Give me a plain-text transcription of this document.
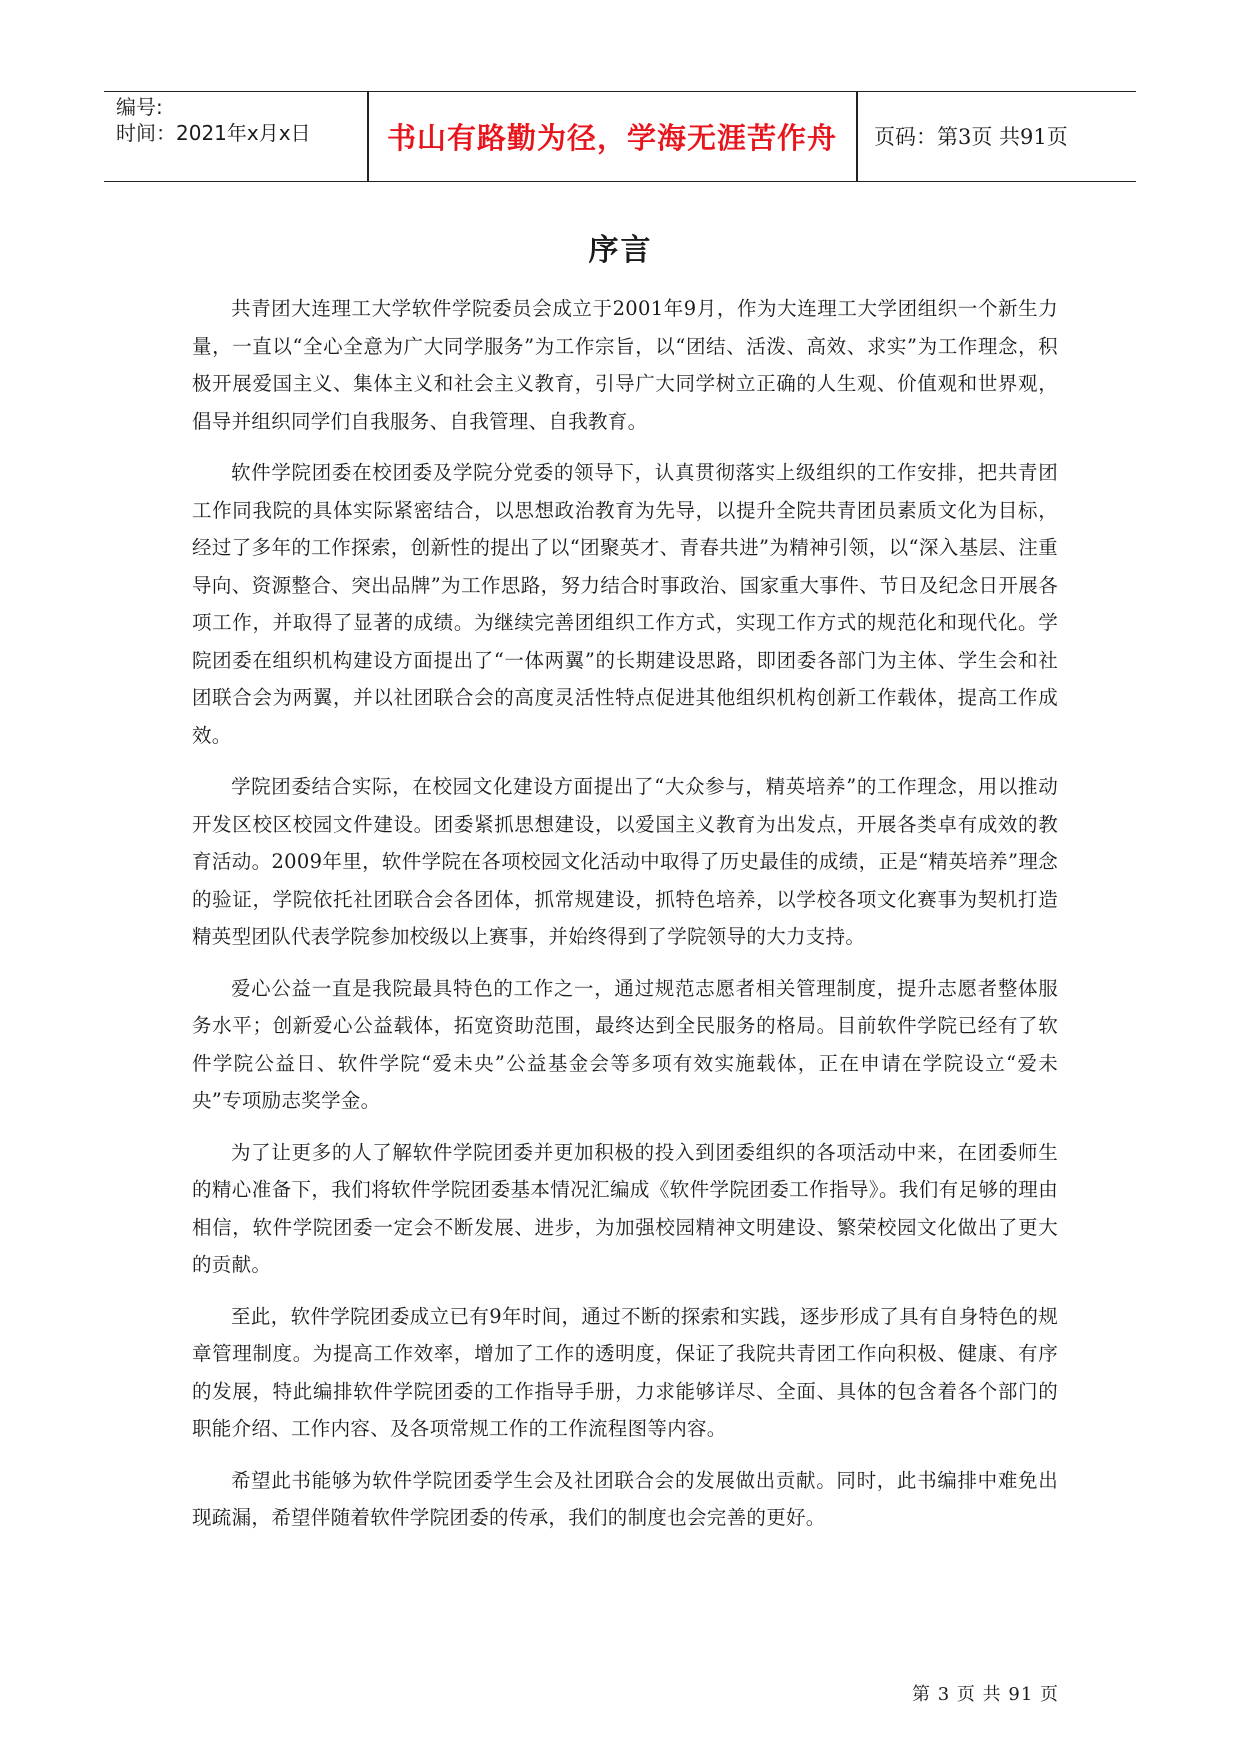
编号:
时间：2021年x月x日	书山有路勤为径，学海无涯苦作舟	页码：第3页 共91页
序言

共青团大连理工大学软件学院委员会成立于2001年9月，作为大连理工大学团组织一个新生力量，一直以“全心全意为广大同学服务”为工作宗旨，以“团结、活泼、高效、求实”为工作理念，积极开展爱国主义、集体主义和社会主义教育，引导广大同学树立正确的人生观、价值观和世界观，倡导并组织同学们自我服务、自我管理、自我教育。

软件学院团委在校团委及学院分党委的领导下，认真贯彻落实上级组织的工作安排，把共青团工作同我院的具体实际紧密结合，以思想政治教育为先导，以提升全院共青团员素质文化为目标，经过了多年的工作探索，创新性的提出了以“团聚英才、青春共进”为精神引领，以“深入基层、注重导向、资源整合、突出品牌”为工作思路，努力结合时事政治、国家重大事件、节日及纪念日开展各项工作，并取得了显著的成绩。为继续完善团组织工作方式，实现工作方式的规范化和现代化。学院团委在组织机构建设方面提出了“一体两翼”的长期建设思路，即团委各部门为主体、学生会和社团联合会为两翼，并以社团联合会的高度灵活性特点促进其他组织机构创新工作载体，提高工作成效。

学院团委结合实际，在校园文化建设方面提出了“大众参与，精英培养”的工作理念，用以推动开发区校区校园文件建设。团委紧抓思想建设，以爱国主义教育为出发点，开展各类卓有成效的教育活动。2009年里，软件学院在各项校园文化活动中取得了历史最佳的成绩，正是“精英培养”理念的验证，学院依托社团联合会各团体，抓常规建设，抓特色培养，以学校各项文化赛事为契机打造精英型团队代表学院参加校级以上赛事，并始终得到了学院领导的大力支持。

爱心公益一直是我院最具特色的工作之一，通过规范志愿者相关管理制度，提升志愿者整体服务水平；创新爱心公益载体，拓宽资助范围，最终达到全民服务的格局。目前软件学院已经有了软件学院公益日、软件学院“爱未央”公益基金会等多项有效实施载体，正在申请在学院设立“爱未央”专项励志奖学金。

为了让更多的人了解软件学院团委并更加积极的投入到团委组织的各项活动中来，在团委师生的精心准备下，我们将软件学院团委基本情况汇编成《软件学院团委工作指导》。我们有足够的理由相信，软件学院团委一定会不断发展、进步，为加强校园精神文明建设、繁荣校园文化做出了更大的贡献。

至此，软件学院团委成立已有9年时间，通过不断的探索和实践，逐步形成了具有自身特色的规章管理制度。为提高工作效率，增加了工作的透明度，保证了我院共青团工作向积极、健康、有序的发展，特此编排软件学院团委的工作指导手册，力求能够详尽、全面、具体的包含着各个部门的职能介绍、工作内容、及各项常规工作的工作流程图等内容。

希望此书能够为软件学院团委学生会及社团联合会的发展做出贡献。同时，此书编排中难免出现疏漏，希望伴随着软件学院团委的传承，我们的制度也会完善的更好。

第 3 页 共 91 页
